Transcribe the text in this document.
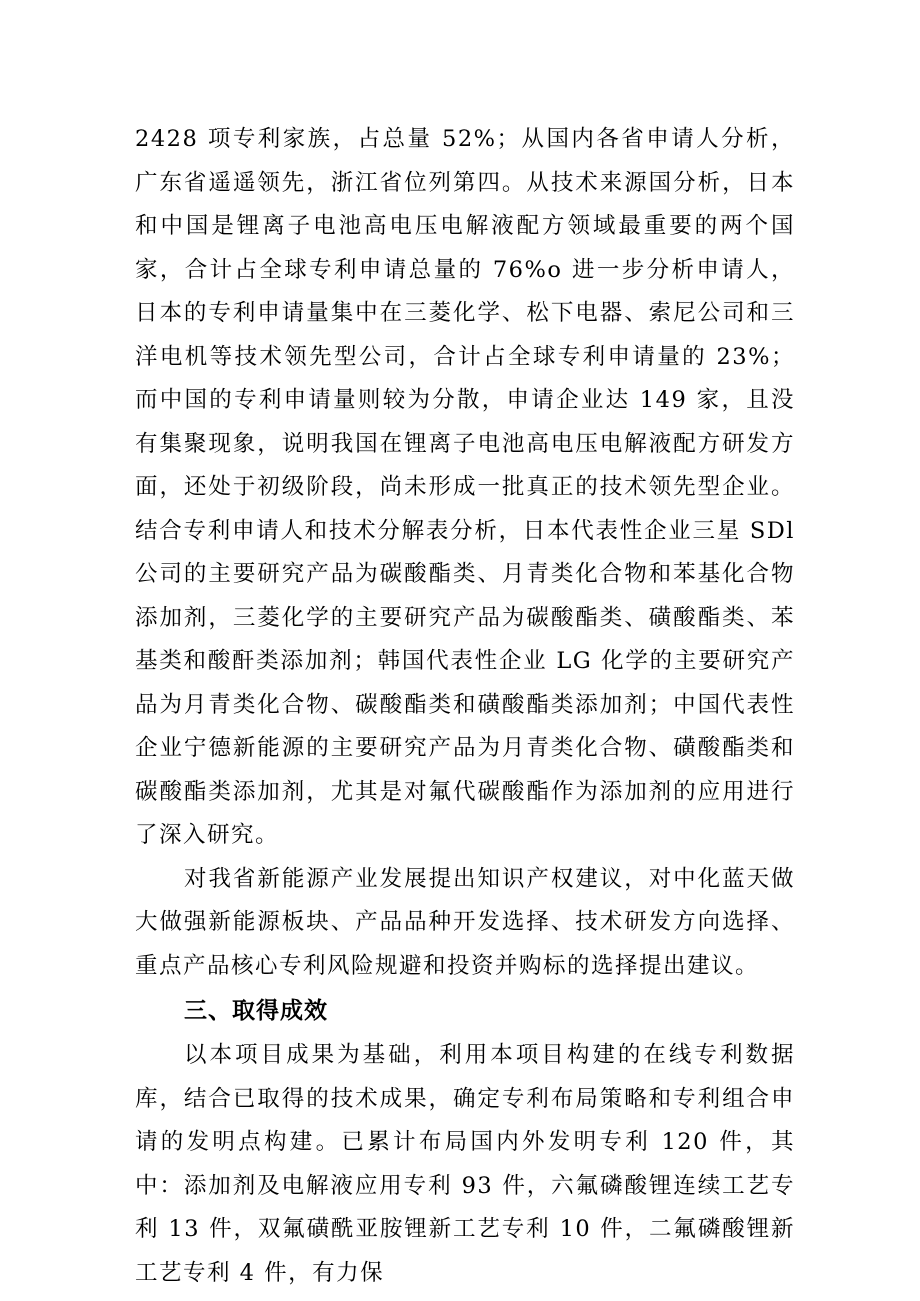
2428 项专利家族，占总量 52%；从国内各省申请人分析，广东省遥遥领先，浙江省位列第四。从技术来源国分析，日本和中国是锂离子电池高电压电解液配方领域最重要的两个国家，合计占全球专利申请总量的 76%o 进一步分析申请人，日本的专利申请量集中在三菱化学、松下电器、索尼公司和三洋电机等技术领先型公司，合计占全球专利申请量的 23%；而中国的专利申请量则较为分散，申请企业达 149 家，且没有集聚现象，说明我国在锂离子电池高电压电解液配方研发方面，还处于初级阶段，尚未形成一批真正的技术领先型企业。结合专利申请人和技术分解表分析，日本代表性企业三星 SDl 公司的主要研究产品为碳酸酯类、月青类化合物和苯基化合物添加剂，三菱化学的主要研究产品为碳酸酯类、磺酸酯类、苯基类和酸酐类添加剂；韩国代表性企业 LG 化学的主要研究产品为月青类化合物、碳酸酯类和磺酸酯类添加剂；中国代表性企业宁德新能源的主要研究产品为月青类化合物、磺酸酯类和碳酸酯类添加剂，尤其是对氟代碳酸酯作为添加剂的应用进行了深入研究。

对我省新能源产业发展提出知识产权建议，对中化蓝天做大做强新能源板块、产品品种开发选择、技术研发方向选择、重点产品核心专利风险规避和投资并购标的选择提出建议。

三、取得成效

以本项目成果为基础，利用本项目构建的在线专利数据库，结合已取得的技术成果，确定专利布局策略和专利组合申请的发明点构建。已累计布局国内外发明专利 120 件，其中：添加剂及电解液应用专利 93 件，六氟磷酸锂连续工艺专利 13 件，双氟磺酰亚胺锂新工艺专利 10 件，二氟磷酸锂新工艺专利 4 件，有力保
